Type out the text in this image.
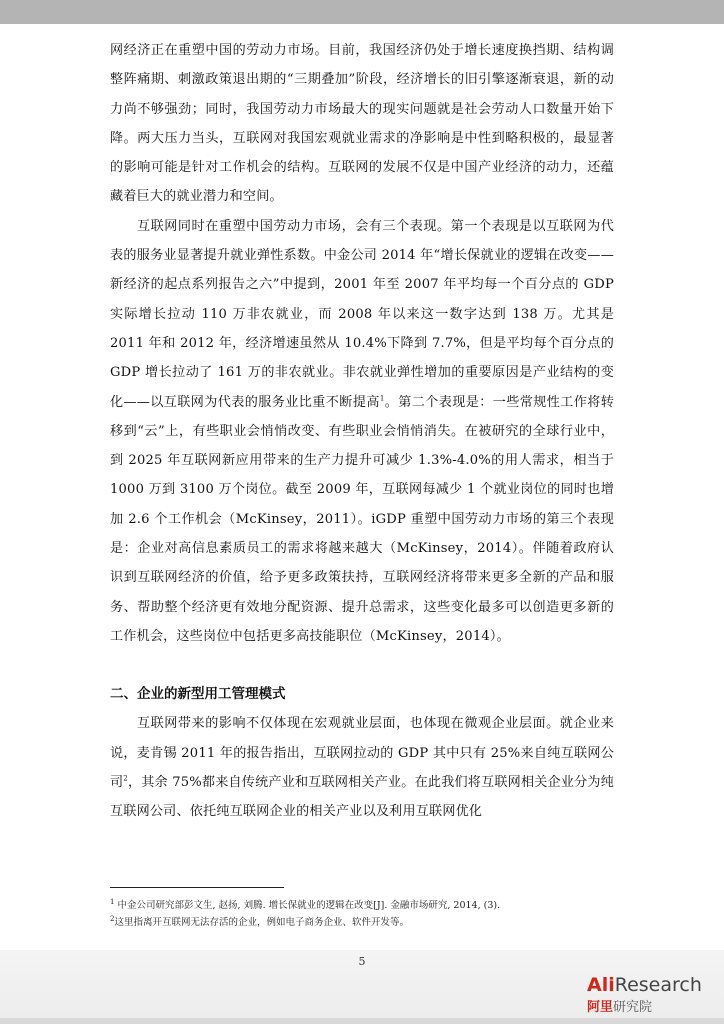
网经济正在重塑中国的劳动力市场。目前，我国经济仍处于增长速度换挡期、结构调整阵痛期、刺激政策退出期的“三期叠加”阶段，经济增长的旧引擎逐渐衰退，新的动力尚不够强劲；同时，我国劳动力市场最大的现实问题就是社会劳动人口数量开始下降。两大压力当头，互联网对我国宏观就业需求的净影响是中性到略积极的，最显著的影响可能是针对工作机会的结构。互联网的发展不仅是中国产业经济的动力，还蕴藏着巨大的就业潜力和空间。

互联网同时在重塑中国劳动力市场，会有三个表现。第一个表现是以互联网为代表的服务业显著提升就业弹性系数。中金公司 2014 年“增长保就业的逻辑在改变——新经济的起点系列报告之六”中提到，2001 年至 2007 年平均每一个百分点的 GDP 实际增长拉动 110 万非农就业，而 2008 年以来这一数字达到 138 万。尤其是 2011 年和 2012 年，经济增速虽然从 10.4%下降到 7.7%，但是平均每个百分点的 GDP 增长拉动了 161 万的非农就业。非农就业弹性增加的重要原因是产业结构的变化——以互联网为代表的服务业比重不断提高$^1$。第二个表现是：一些常规性工作将转移到“云”上，有些职业会悄悄改变、有些职业会悄悄消失。在被研究的全球行业中，到 2025 年互联网新应用带来的生产力提升可减少 1.3%-4.0%的用人需求，相当于 1000 万到 3100 万个岗位。截至 2009 年，互联网每减少 1 个就业岗位的同时也增加 2.6 个工作机会（McKinsey，2011）。iGDP 重塑中国劳动力市场的第三个表现是：企业对高信息素质员工的需求将越来越大（McKinsey，2014）。伴随着政府认识到互联网经济的价值，给予更多政策扶持，互联网经济将带来更多全新的产品和服务、帮助整个经济更有效地分配资源、提升总需求，这些变化最多可以创造更多新的工作机会，这些岗位中包括更多高技能职位（McKinsey，2014）。

二、企业的新型用工管理模式

互联网带来的影响不仅体现在宏观就业层面，也体现在微观企业层面。就企业来说，麦肯锡 2011 年的报告指出，互联网拉动的 GDP 其中只有 25%来自纯互联网公司$^2$，其余 75%都来自传统产业和互联网相关产业。在此我们将互联网相关企业分为纯互联网公司、依托纯互联网企业的相关产业以及利用互联网优化

$^1$ 中金公司研究部彭文生, 赵扬, 刘腾. 增长保就业的逻辑在改变[J]. 金融市场研究, 2014, (3).

$^2$这里指离开互联网无法存活的企业，例如电子商务企业、软件开发等。

5
AliResearch
阿里研究院
